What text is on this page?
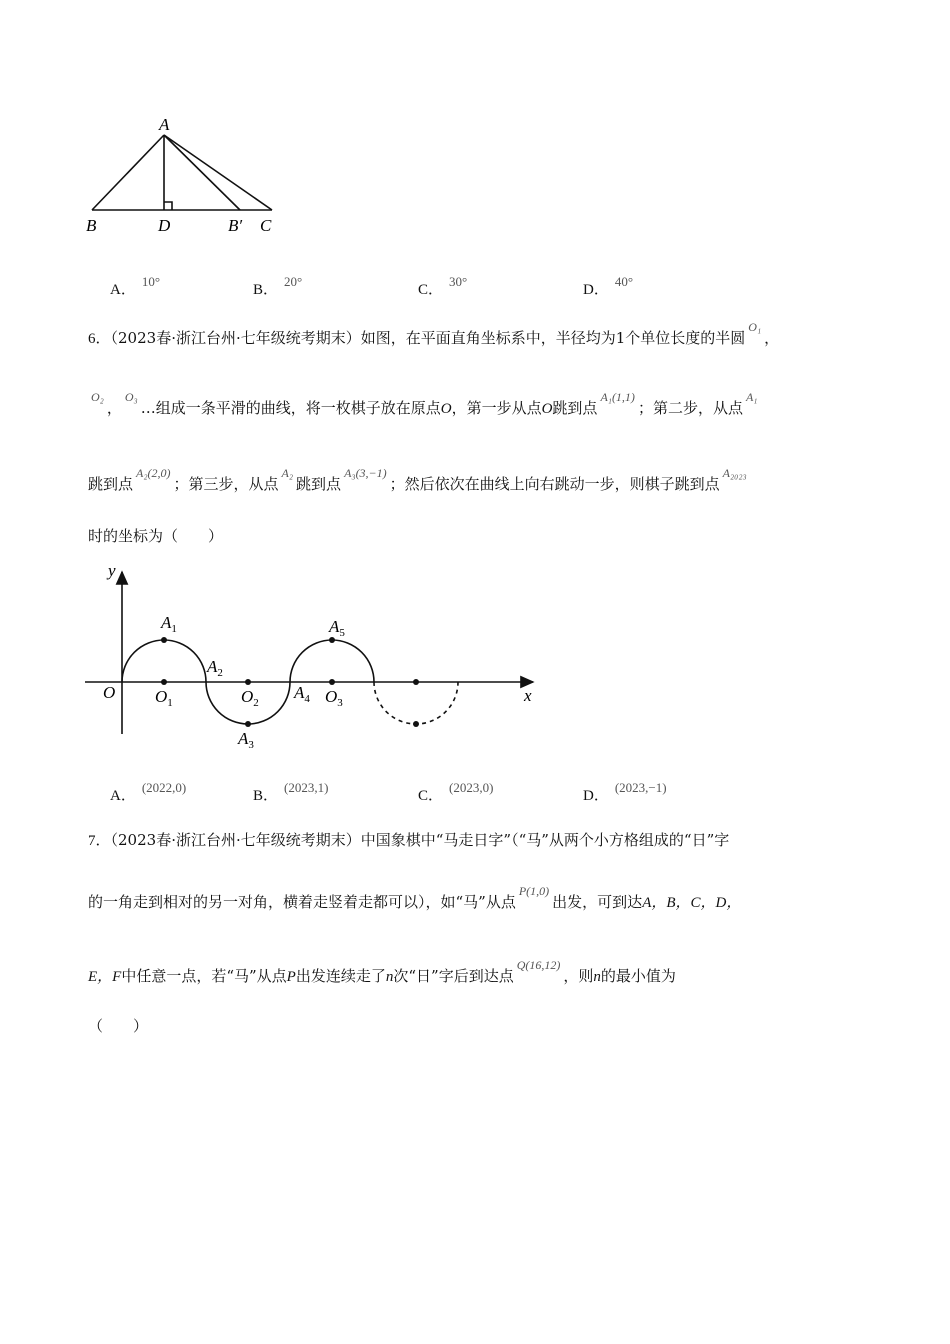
A
B	D	B′ C
A．10°
B．20°
C．30°
D．40°
6．（2023春·浙江台州·七年级统考期末）如图，在平面直角坐标系中，半径均为1个单位长度的半圆$^{O_1}$，
$^{O_2}$，$^{O_3}$…组成一条平滑的曲线，将一枚棋子放在原点O，第一步从点O跳到点$^{A_1(1,1)}$；第二步，从点$^{A_1}$
跳到点$^{A_2(2,0)}$；第三步，从点$^{A_2}$跳到点$^{A_3(3,-1)}$；然后依次在曲线上向右跳动一步，则棋子跳到点$^{A_{2023}}$
时的坐标为（　　）
y
x
O
$A_1$
$A_2$
$A_3$
$A_4$
$A_5$
$O_1$	$O_2$	$O_3$
A．(2022,0)
B．(2023,1)
C．(2023,0)
D．(2023,−1)
7．（2023春·浙江台州·七年级统考期末）中国象棋中“马走日字”（“马”从两个小方格组成的“日”字
的一角走到相对的另一对角，横着走竖着走都可以），如“马”从点$^{P(1,0)}$出发，可到达A，B，C，D，
E，F中任意一点，若“马”从点P出发连续走了n次“日”字后到达点$^{Q(16,12)}$，则n的最小值为
（　　）
